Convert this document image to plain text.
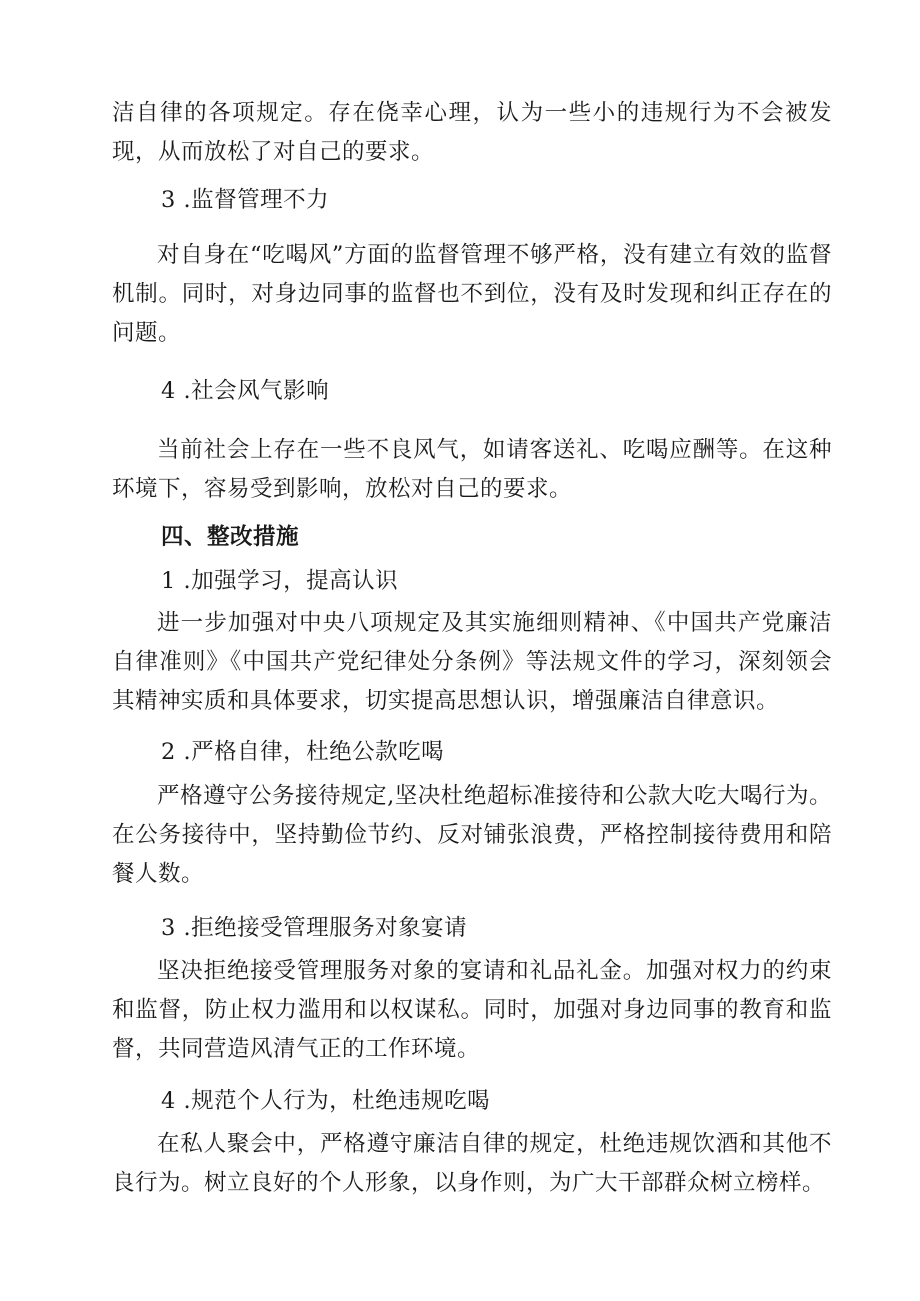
洁自律的各项规定。存在侥幸心理，认为一些小的违规行为不会被发现，从而放松了对自己的要求。

3 .监督管理不力

对自身在“吃喝风”方面的监督管理不够严格，没有建立有效的监督机制。同时，对身边同事的监督也不到位，没有及时发现和纠正存在的问题。

4 .社会风气影响

当前社会上存在一些不良风气，如请客送礼、吃喝应酬等。在这种环境下，容易受到影响，放松对自己的要求。

四、整改措施

1 .加强学习，提高认识

进一步加强对中央八项规定及其实施细则精神、《中国共产党廉洁自律准则》《中国共产党纪律处分条例》等法规文件的学习，深刻领会其精神实质和具体要求，切实提高思想认识，增强廉洁自律意识。

2 .严格自律，杜绝公款吃喝

严格遵守公务接待规定,坚决杜绝超标准接待和公款大吃大喝行为。在公务接待中，坚持勤俭节约、反对铺张浪费，严格控制接待费用和陪餐人数。

3 .拒绝接受管理服务对象宴请

坚决拒绝接受管理服务对象的宴请和礼品礼金。加强对权力的约束和监督，防止权力滥用和以权谋私。同时，加强对身边同事的教育和监督，共同营造风清气正的工作环境。

4 .规范个人行为，杜绝违规吃喝

在私人聚会中，严格遵守廉洁自律的规定，杜绝违规饮酒和其他不良行为。树立良好的个人形象，以身作则，为广大干部群众树立榜样。
